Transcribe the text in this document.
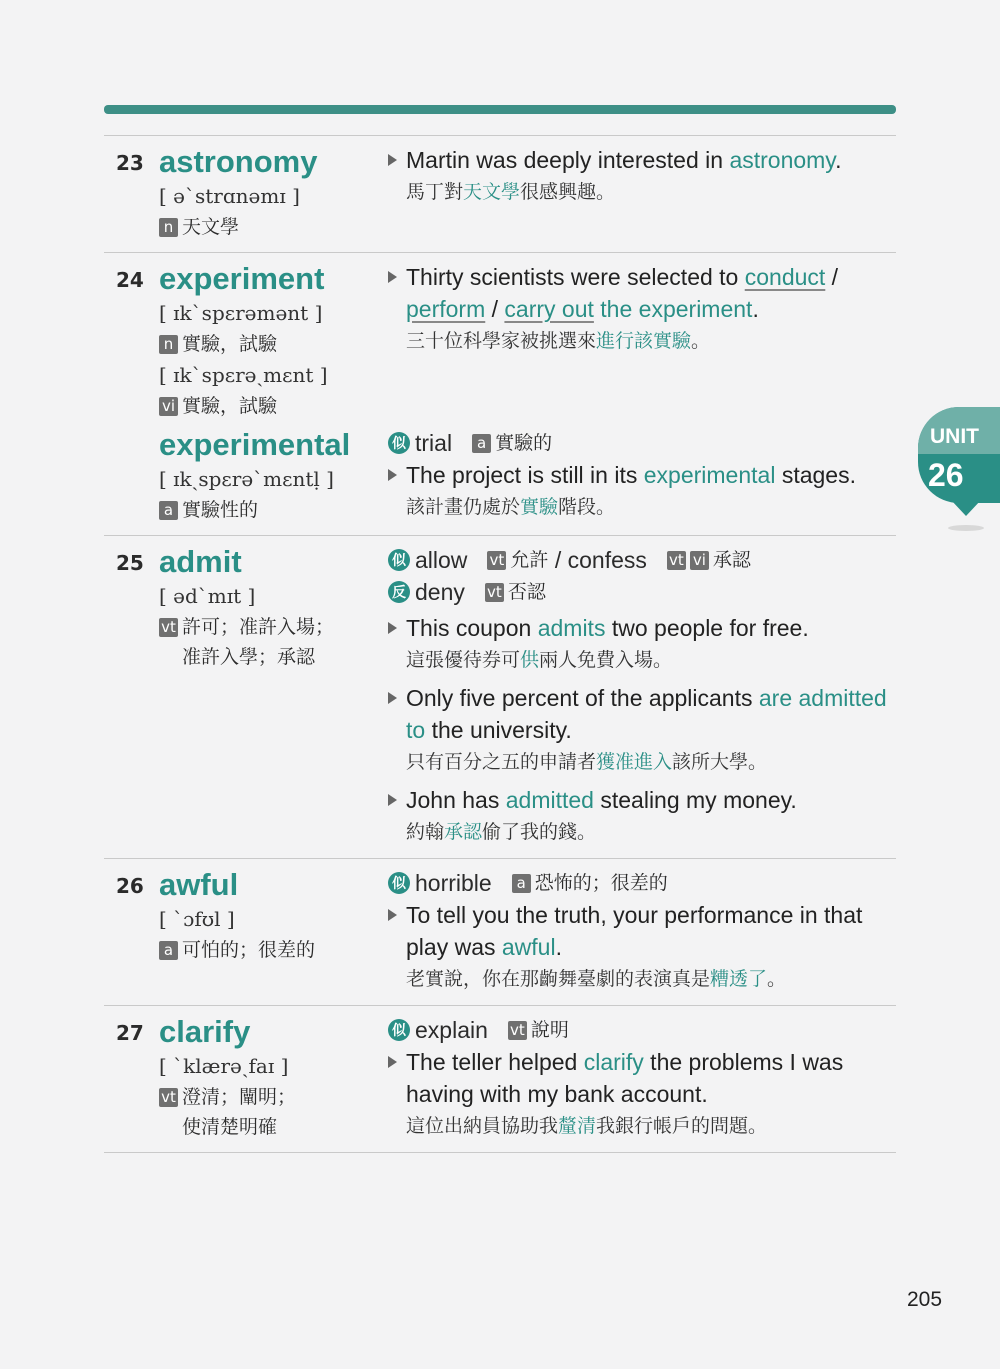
23 astronomy
[ əˋstrɑnəmɪ ]
n 天文學
Martin was deeply interested in astronomy.
馬丁對天文學很感興趣。
24 experiment
[ ɪkˋspɛrəmənt ]
n 實驗，試驗
[ ɪkˋspɛrəˏmɛnt ]
vi 實驗，試驗
Thirty scientists were selected to conduct / perform / carry out the experiment.
三十位科學家被挑選來進行該實驗。
experimental
[ ɪkˏspɛrəˋmɛntḷ ]
a 實驗性的
似 trial	a 實驗的
The project is still in its experimental stages.
該計畫仍處於實驗階段。
25 admit
[ ədˋmɪt ]
vt 許可；准許入場；
准許入學；承認
似 allow vt 允許 / confess vt vi 承認
反 deny vt 否認
This coupon admits two people for free.
這張優待券可供兩人免費入場。
Only five percent of the applicants are admitted to the university.
只有百分之五的申請者獲准進入該所大學。
John has admitted stealing my money.
約翰承認偷了我的錢。
26 awful
[ ˋɔfʊl ]
a 可怕的；很差的
似 horrible	a 恐怖的；很差的
To tell you the truth, your performance in that play was awful.
老實說，你在那齣舞臺劇的表演真是糟透了。
27 clarify
[ ˋklærəˏfaɪ ]
vt 澄清；闡明；
使清楚明確
似 explain vt 說明
The teller helped clarify the problems I was having with my bank account.
這位出納員協助我釐清我銀行帳戶的問題。
UNIT
26
205
